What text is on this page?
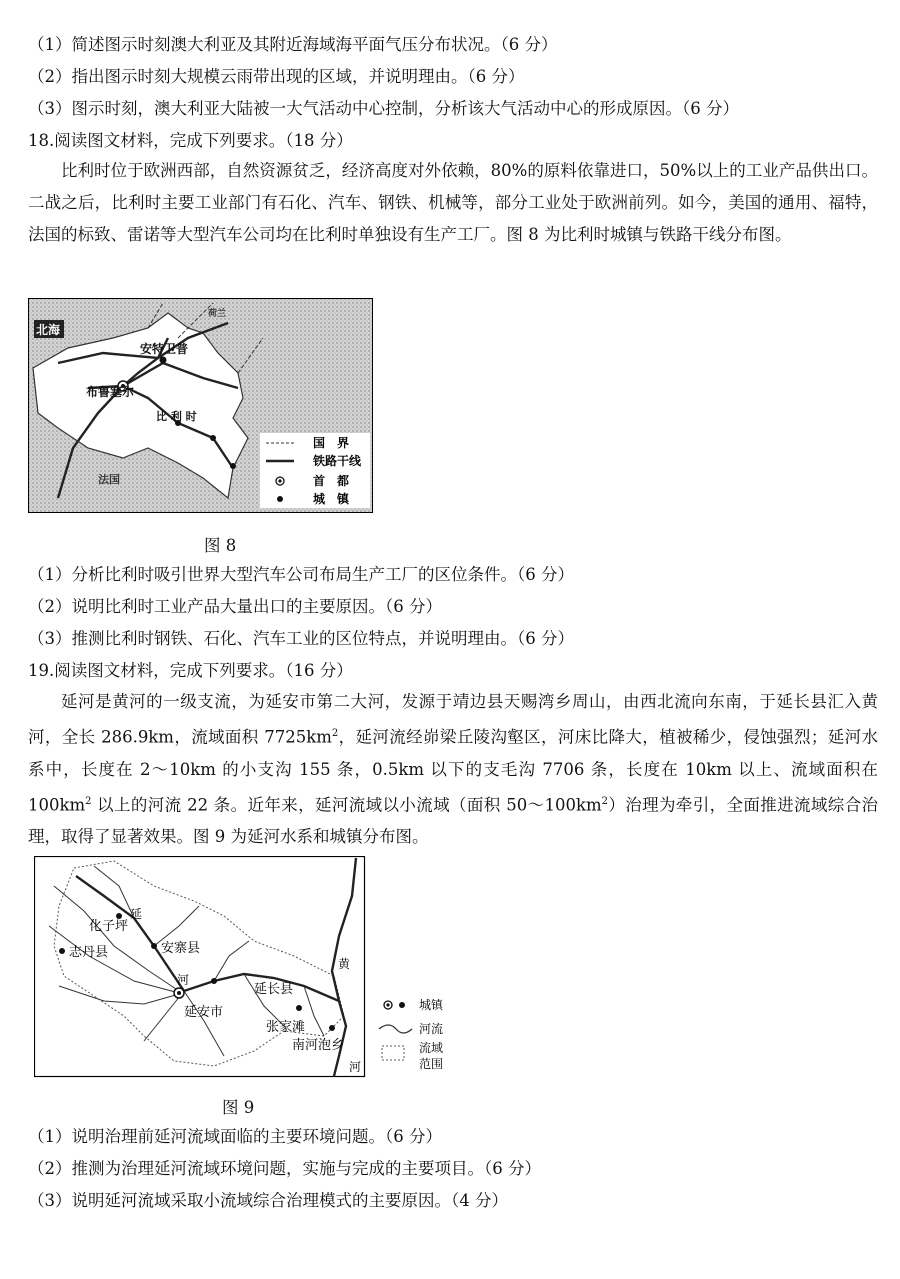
（1）简述图示时刻澳大利亚及其附近海域海平面气压分布状况。（6 分）
（2）指出图示时刻大规模云雨带出现的区域，并说明理由。（6 分）
（3）图示时刻，澳大利亚大陆被一大气活动中心控制，分析该大气活动中心的形成原因。（6 分）
18.阅读图文材料，完成下列要求。（18 分）
比利时位于欧洲西部，自然资源贫乏，经济高度对外依赖，80%的原料依靠进口，50%以上的工业产品供出口。二战之后，比利时主要工业部门有石化、汽车、钢铁、机械等，部分工业处于欧洲前列。如今，美国的通用、福特，法国的标致、雷诺等大型汽车公司均在比利时单独设有生产工厂。图 8 为比利时城镇与铁路干线分布图。
北海
安特卫普
布鲁塞尔
比 利 时
法国
荷兰
国　界
铁路干线
首　都
城　镇
图 8
（1）分析比利时吸引世界大型汽车公司布局生产工厂的区位条件。（6 分）
（2）说明比利时工业产品大量出口的主要原因。（6 分）
（3）推测比利时钢铁、石化、汽车工业的区位特点，并说明理由。（6 分）
19.阅读图文材料，完成下列要求。（16 分）
延河是黄河的一级支流，为延安市第二大河，发源于靖边县天赐湾乡周山，由西北流向东南，于延长县汇入黄河，全长 286.9km，流域面积 $7725km^2$，延河流经峁梁丘陵沟壑区，河床比降大，植被稀少，侵蚀强烈；延河水系中，长度在 2～10km 的小支沟 155 条，0.5km 以下的支毛沟 7706 条，长度在 10km 以上、流域面积在 $100km^2$ 以上的河流 22 条。近年来，延河流域以小流域（面积 $50\sim 100km^2$）治理为牵引，全面推进流域综合治理，取得了显著效果。图 9 为延河水系和城镇分布图。
化子坪
志丹县	安寨县
延安市
延长县
张家滩
南河泡乡
延
河
黄
河
城镇
河流
流域
范围
图 9
（1）说明治理前延河流域面临的主要环境问题。（6 分）
（2）推测为治理延河流域环境问题，实施与完成的主要项目。（6 分）
（3）说明延河流域采取小流域综合治理模式的主要原因。（4 分）
